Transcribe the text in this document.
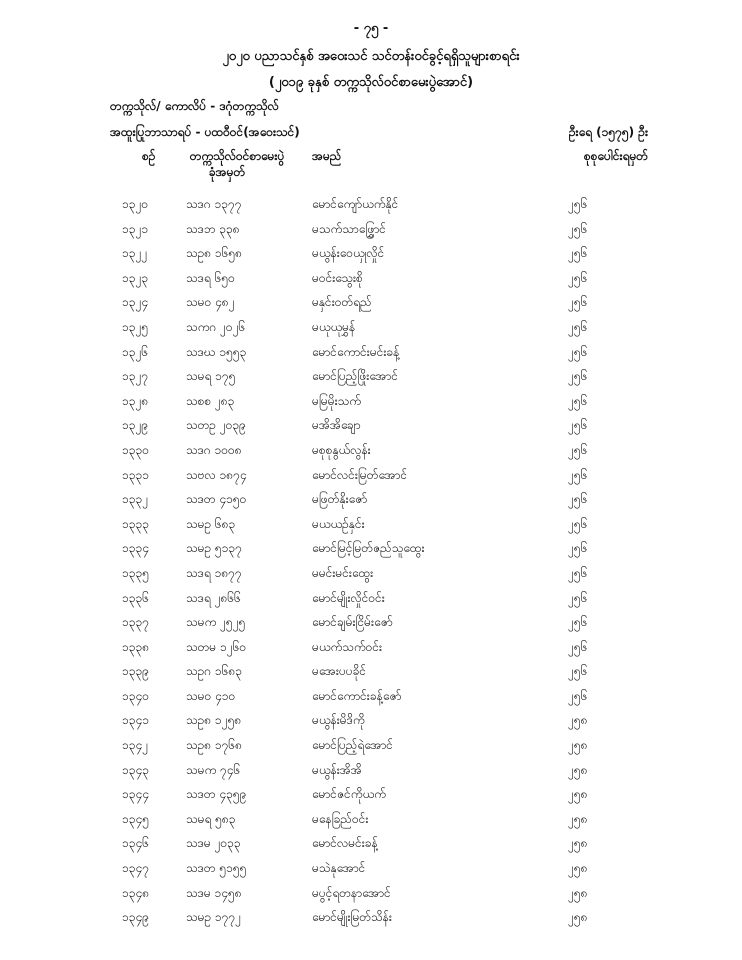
- ၇၅ -
၂၀၂၀ ပညာသင်နှစ် အဝေးသင် သင်တန်းဝင်ခွင့်ရရှိသူများစာရင်း
(၂၀၁၉ ခုနှစ် တက္ကသိုလ်ဝင်စာမေးပွဲအောင်)
တက္ကသိုလ်/ ကောလိပ် - ဒဂုံတက္ကသိုလ်
အထူးပြုဘာသာရပ် - ပထဝီဝင်(အဝေးသင်)	ဦးရေ (၁၅၇၅) ဦး
စဉ်	တက္ကသိုလ်ဝင်စာမေးပွဲ
ခုံအမှတ်
အမည်	စုစုပေါင်းရမှတ်
၁၃၂၀	သဒဂ ၁၃၇၇	မောင်ကျော်ယက်နိုင်	၂၅၆
၁၃၂၁	သဒဘ ၃၃၈	မသက်သာဖြွှောင်	၂၅၆
၁၃၂၂	သဥ၈ ၁၆၅၈	မယွန်းဝေယှုလှိုင်	၂၅၆
၁၃၂၃	သဒရ ၆၅၀	မဝင်းသွေးစို	၂၅၆
၁၃၂၄	သမ၀ ၄၈၂	မနှင်းဝတ်ရည်	၂၅၆
၁၃၂၅	သကဂ ၂၀၂၆	မယုယုမွှန်	၂၅၆
၁၃၂၆	သဒဃ ၁၅၅၃	မောင်ကောင်းမင်းခန့်	၂၅၆
၁၃၂၇	သမရ ၁၇၅	မောင်ပြည့်ဖြိုးအောင်	၂၅၆
၁၃၂၈	သစစ ၂၈၃	မမြမိုးသက်	၂၅၆
၁၃၂၉	သတဥ ၂၀၃၉	မအိအိချော	၂၅၆
၁၃၃၀	သဒဂ ၁၀၀၈	မစုစုနွယ်လွန်း	၂၅၆
၁၃၃၁	သဗလ ၁၈၇၄	မောင်လင်းမြတ်အောင်	၂၅၆
၁၃၃၂	သဒတ ၄၁၅၀	မဖြတ်နိုးဇော်	၂၅၆
၁၃၃၃	သမဥ ၆၈၃	မယယဉ်နှင်း	၂၅၆
၁၃၃၄	သမဥ ၅၁၃၇	မောင်မြင့်မြတ်ဇည်သူထွေး	၂၅၆
၁၃၃၅	သဒရ ၁၈၇၇	မမင်းမင်းထွေး	၂၅၆
၁၃၃၆	သဒရ ၂၈၆၆	မောင်မျိုးလှိုင်ဝင်း	၂၅၆
၁၃၃၇	သမက ၂၅၂၅	မောင်ချမ်းငြိမ်းဇော်	၂၅၆
၁၃၃၈	သတမ ၁၂၆၀	မယက်သက်ဝင်း	၂၅၆
၁၃၃၉	သဥဂ ၁၆၈၃	မအေးပပခိုင်	၂၅၆
၁၃၄၀	သမ၀ ၄၁၀	မောင်ကောင်းခန့်ဇော်	၂၅၆
၁၃၄၁	သဥ၈ ၁၂၅၈	မယွန်းမိဒိကို	၂၅၈
၁၃၄၂	သဥ၈ ၁၇၆၈	မောင်ပြည့်ရဲအောင်	၂၅၈
၁၃၄၃	သမက ၇၄၆	မယွန်းအိအိ	၂၅၈
၁၃၄၄	သဒတ ၄၃၅၉	မောင်ဇင်ကိုယက်	၂၅၈
၁၃၄၅	သမရ ၅၈၃	မနေခြည်ဝင်း	၂၅၈
၁၃၄၆	သဒမ ၂၀၃၃	မောင်လမင်းခန့်	၂၅၈
၁၃၄၇	သဒတ ၅၁၅၅	မသဲနုအောင်	၂၅၈
၁၃၄၈	သဒမ ၁၄၅၈	မပွင့်ရတနာအောင်	၂၅၈
၁၃၄၉	သမဥ ၁၇၇၂	မောင်မျိုးမြတ်သိန်း	၂၅၈
